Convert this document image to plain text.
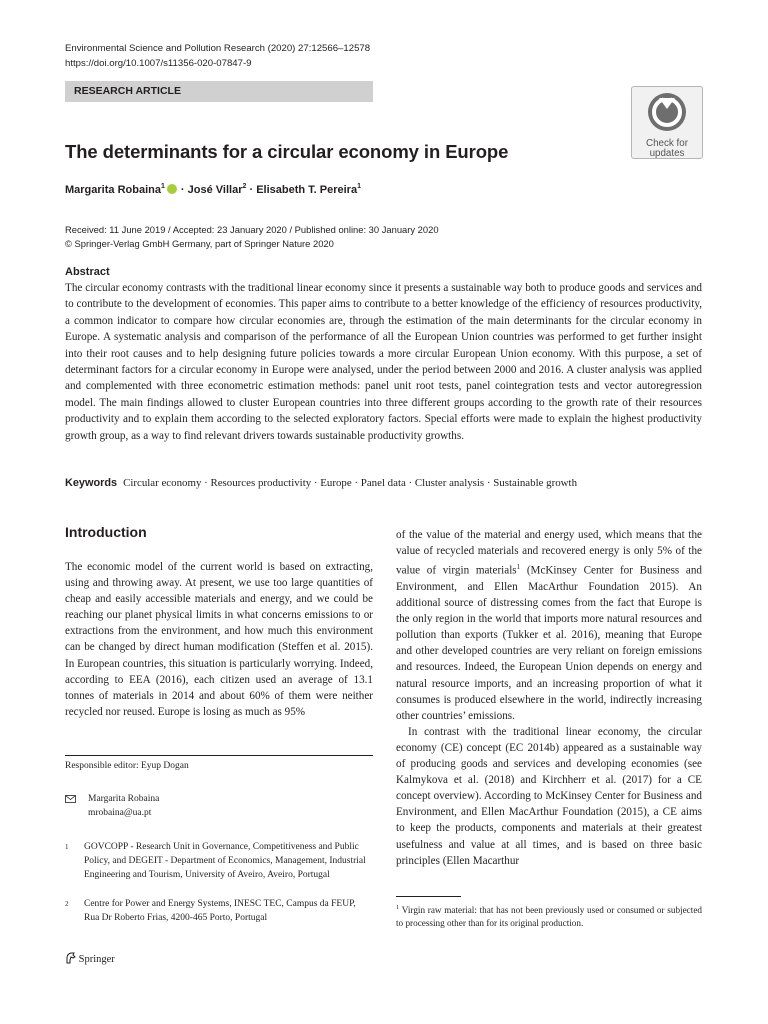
Environmental Science and Pollution Research (2020) 27:12566–12578
https://doi.org/10.1007/s11356-020-07847-9
RESEARCH ARTICLE
Check for
updates
The determinants for a circular economy in Europe
Margarita Robaina$^1$ · José Villar$^2$ · Elisabeth T. Pereira$^1$
Received: 11 June 2019 / Accepted: 23 January 2020 / Published online: 30 January 2020
© Springer-Verlag GmbH Germany, part of Springer Nature 2020
Abstract
The circular economy contrasts with the traditional linear economy since it presents a sustainable way both to produce goods and services and to contribute to the development of economies. This paper aims to contribute to a better knowledge of the efficiency of resources productivity, a common indicator to compare how circular economies are, through the estimation of the main determinants for the circular economy in Europe. A systematic analysis and comparison of the performance of all the European Union countries was performed to get further insight into their root causes and to help designing future policies towards a more circular European Union economy. With this purpose, a set of determinant factors for a circular economy in Europe were analysed, under the period between 2000 and 2016. A cluster analysis was applied and complemented with three econometric estimation methods: panel unit root tests, panel cointegration tests and vector autoregression model. The main findings allowed to cluster European countries into three different groups according to the growth rate of their resources productivity and to explain them according to the selected exploratory factors. Special efforts were made to explain the highest productivity growth group, as a way to find relevant drivers towards sustainable productivity growths.
Keywords Circular economy · Resources productivity · Europe · Panel data · Cluster analysis · Sustainable growth
Introduction

The economic model of the current world is based on extracting, using and throwing away. At present, we use too large quantities of cheap and easily accessible materials and energy, and we could be reaching our planet physical limits in what concerns emissions to or extractions from the environment, and how much this environment can be changed by direct human modification (Steffen et al. 2015). In European countries, this situation is particularly worrying. Indeed, according to EEA (2016), each citizen used an average of 13.1 tonnes of materials in 2014 and about 60% of them were neither recycled nor reused. Europe is losing as much as 95%

Responsible editor: Eyup Dogan
Margarita Robaina
mrobaina@ua.pt
1 GOVCOPP - Research Unit in Governance, Competitiveness and Public Policy, and DEGEIT - Department of Economics, Management, Industrial Engineering and Tourism, University of Aveiro, Aveiro, Portugal
2 Centre for Power and Energy Systems, INESC TEC, Campus da FEUP, Rua Dr Roberto Frias, 4200-465 Porto, Portugal

of the value of the material and energy used, which means that the value of recycled materials and recovered energy is only 5% of the value of virgin materials$^1$ (McKinsey Center for Business and Environment, and Ellen MacArthur Foundation 2015). An additional source of distressing comes from the fact that Europe is the only region in the world that imports more natural resources and pollution than exports (Tukker et al. 2016), meaning that Europe and other developed countries are very reliant on foreign emissions and resources. Indeed, the European Union depends on energy and natural resource imports, and an increasing proportion of what it consumes is produced elsewhere in the world, indirectly increasing other countries’ emissions.

In contrast with the traditional linear economy, the circular economy (CE) concept (EC 2014b) appeared as a sustainable way of producing goods and services and developing economies (see Kalmykova et al. (2018) and Kirchherr et al. (2017) for a CE concept overview). According to McKinsey Center for Business and Environment, and Ellen MacArthur Foundation (2015), a CE aims to keep the products, components and materials at their greatest usefulness and value at all times, and is based on three basic principles (Ellen Macarthur

$^1$ Virgin raw material: that has not been previously used or consumed or subjected to processing other than for its original production.
Springer
